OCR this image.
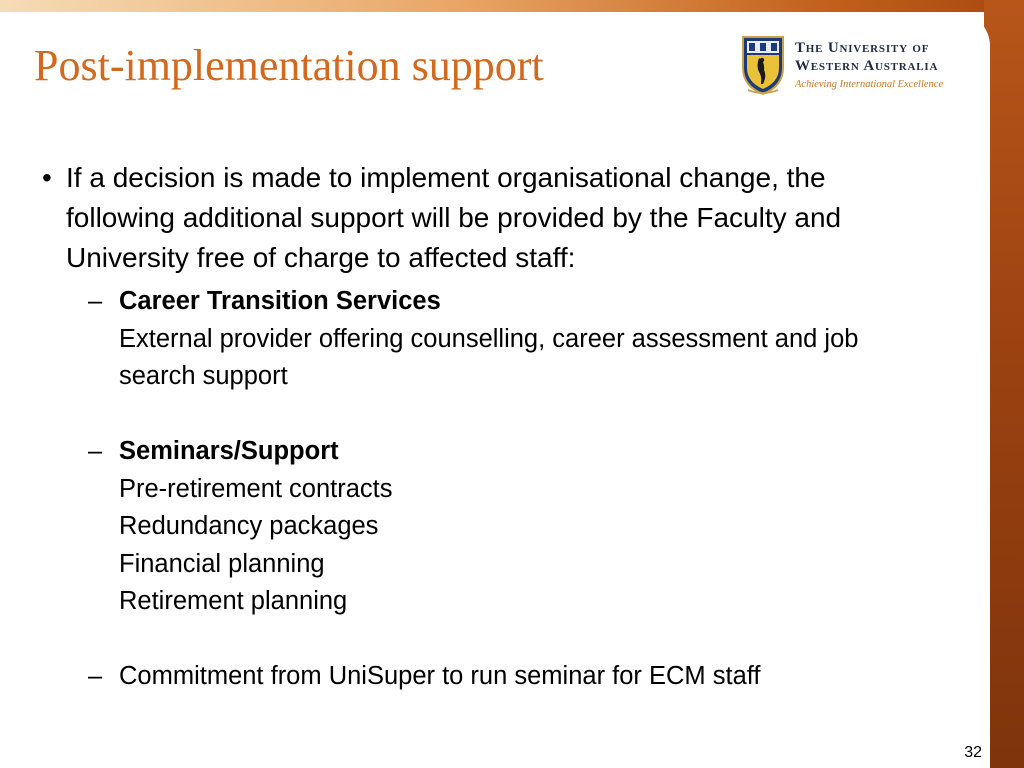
Post-implementation support	The University of
Western Australia
Achieving International Excellence
• If a decision is made to implement organisational change, the following additional support will be provided by the Faculty and University free of charge to affected staff:
– Career Transition Services
External provider offering counselling, career assessment and job search support
– Seminars/Support
Pre-retirement contracts
Redundancy packages
Financial planning
Retirement planning
– Commitment from UniSuper to run seminar for ECM staff
32
